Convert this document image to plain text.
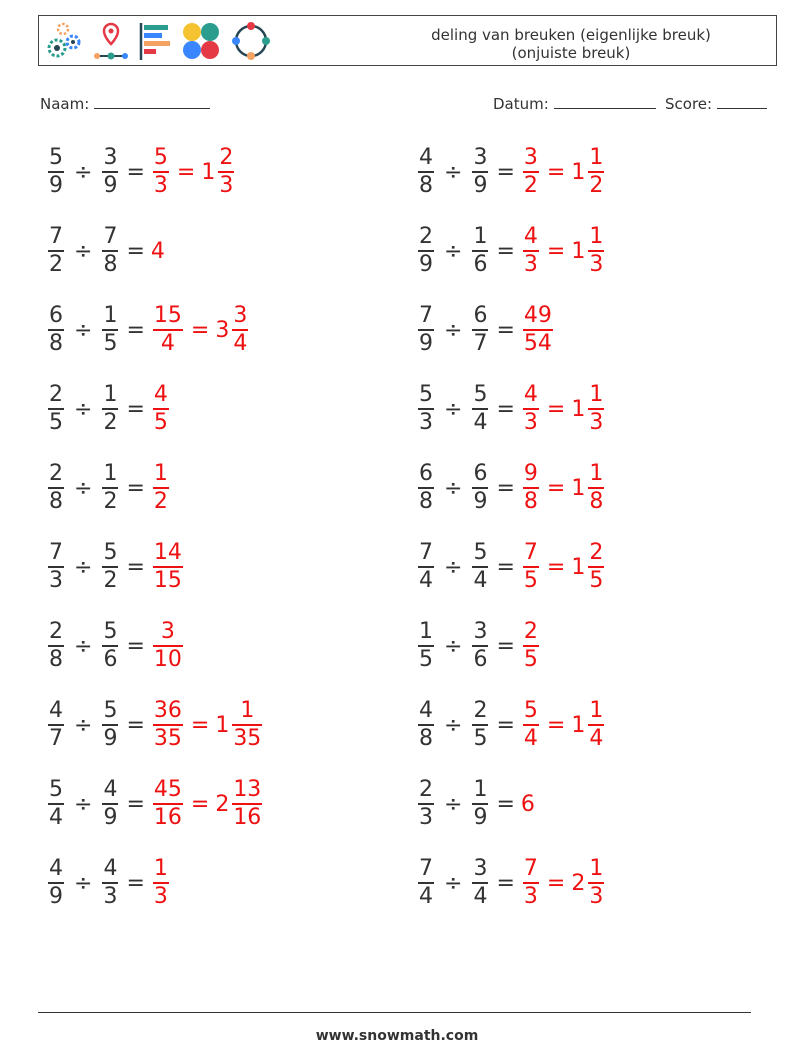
deling van breuken (eigenlijke breuk)
(onjuiste breuk)
Naam:	Datum:	Score:
$\frac{5}{9} \div \frac{3}{9} = \frac{5}{3} = 1 \frac{2}{3}$	$\frac{4}{8} \div \frac{3}{9} = \frac{3}{2} = 1 \frac{1}{2}$
$\frac{7}{2} \div \frac{7}{8} = 4$	$\frac{2}{9} \div \frac{1}{6} = \frac{4}{3} = 1 \frac{1}{3}$
$\frac{6}{8} \div \frac{1}{5} = \frac{15}{4} = 3 \frac{3}{4}$	$\frac{7}{9} \div \frac{6}{7} = \frac{49}{54}$
$\frac{2}{5} \div \frac{1}{2} = \frac{4}{5}$	$\frac{5}{3} \div \frac{5}{4} = \frac{4}{3} = 1 \frac{1}{3}$
$\frac{2}{8} \div \frac{1}{2} = \frac{1}{2}$	$\frac{6}{8} \div \frac{6}{9} = \frac{9}{8} = 1 \frac{1}{8}$
$\frac{7}{3} \div \frac{5}{2} = \frac{14}{15}$	$\frac{7}{4} \div \frac{5}{4} = \frac{7}{5} = 1 \frac{2}{5}$
$\frac{2}{8} \div \frac{5}{6} = \frac{3}{10}$	$\frac{1}{5} \div \frac{3}{6} = \frac{2}{5}$
$\frac{4}{7} \div \frac{5}{9} = \frac{36}{35} = 1 \frac{1}{35}$	$\frac{4}{8} \div \frac{2}{5} = \frac{5}{4} = 1 \frac{1}{4}$
$\frac{5}{4} \div \frac{4}{9} = \frac{45}{16} = 2 \frac{13}{16}$	$\frac{2}{3} \div \frac{1}{9} = 6$
$\frac{4}{9} \div \frac{4}{3} = \frac{1}{3}$	$\frac{7}{4} \div \frac{3}{4} = \frac{7}{3} = 2 \frac{1}{3}$
www.snowmath.com
